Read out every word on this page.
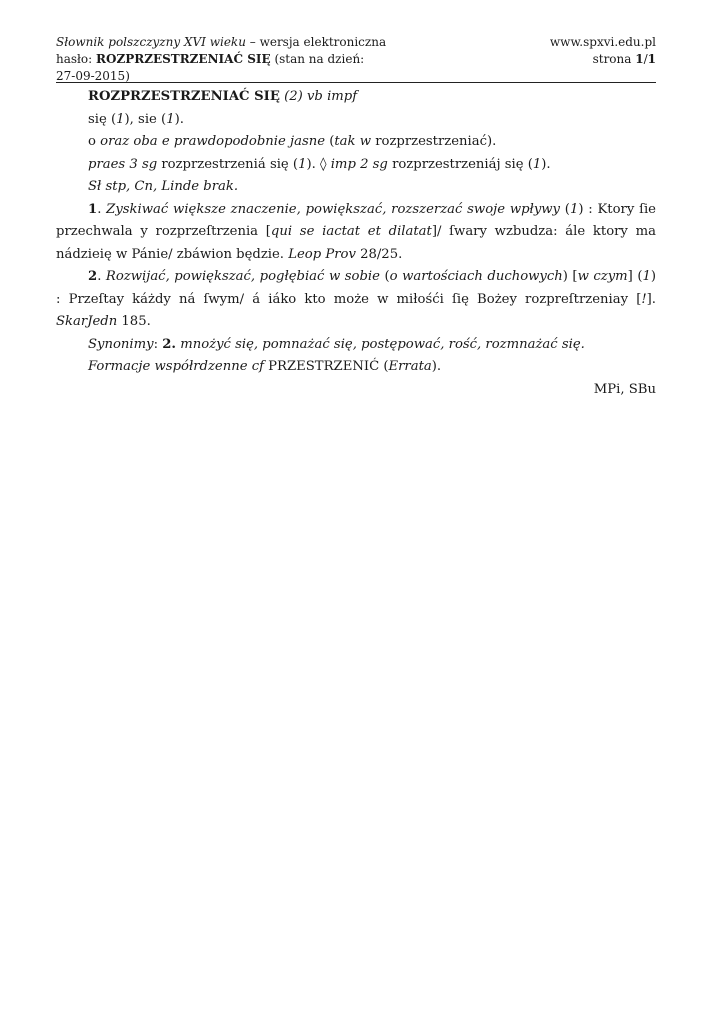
Słownik polszczyzny XVI wieku – wersja elektroniczna
hasło: ROZPRZESTRZENIAĆ SIĘ (stan na dzień:
27-09-2015)
www.spxvi.edu.pl
strona 1/1

ROZPRZESTRZENIAĆ SIĘ (2) vb impf

się (1), sie (1).

o oraz oba e prawdopodobnie jasne (tak w rozprzestrzeniać).

praes 3 sg rozprzestrzeniá się (1). ◊ imp 2 sg rozprzestrzeniáj się (1).

Sł stp, Cn, Linde brak.

1. Zyskiwać większe znaczenie, powiększać, rozszerzać swoje wpływy (1) : Ktory ſie przechwala y rozprzeſtrzenia [qui se iactat et dilatat]/ ſwary wzbudza: ále ktory ma nádzieię w Pánie/ zbáwion będzie. Leop Prov 28/25.

2. Rozwijać, powiększać, pogłębiać w sobie (o wartościach duchowych) [w czym] (1) : Przeſtay káżdy ná ſwym/ á iáko kto może w miłośći ſię Bożey rozpreſtrzeniay [!]. SkarJedn 185.

Synonimy: 2. mnożyć się, pomnażać się, postępować, rość, rozmnażać się.

Formacje współrdzenne cf PRZESTRZENIĆ (Errata).

MPi, SBu
